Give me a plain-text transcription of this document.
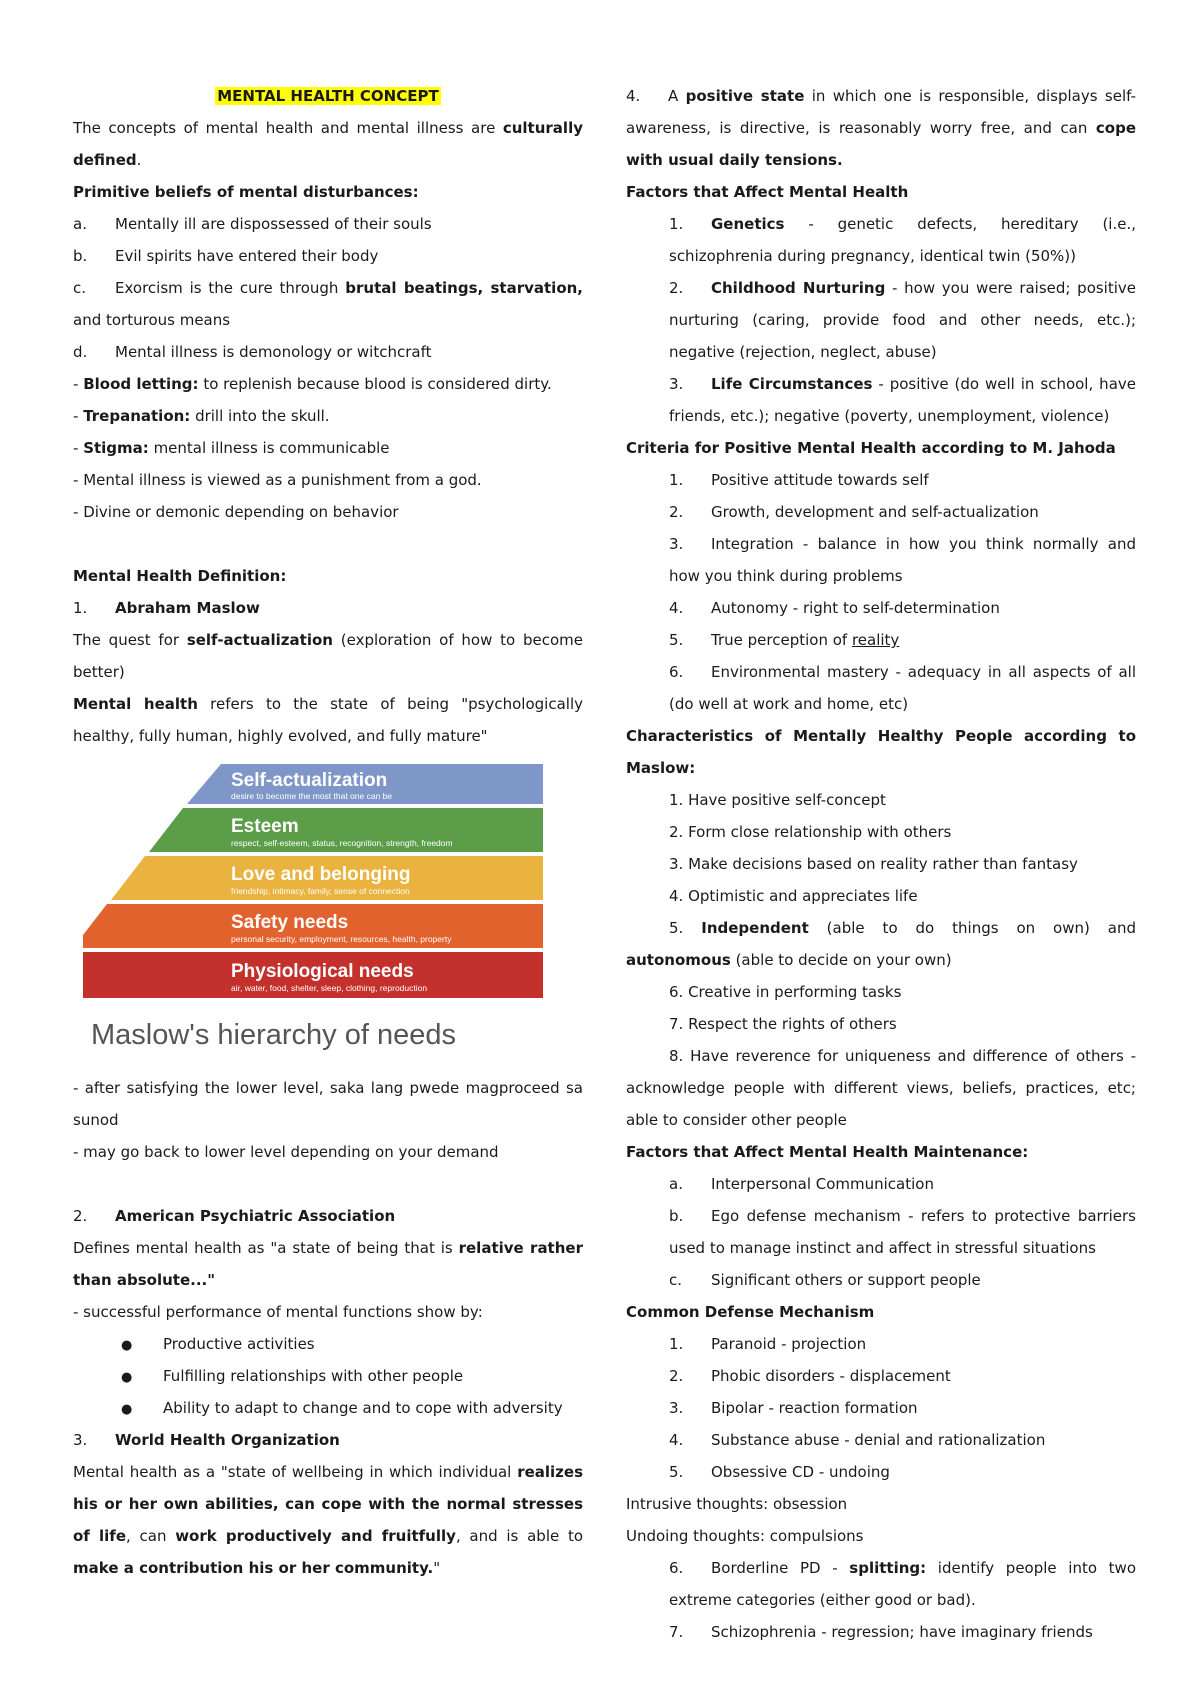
MENTAL HEALTH CONCEPT
The concepts of mental health and mental illness are culturally
defined.
Primitive beliefs of mental disturbances:
a. Mentally ill are dispossessed of their souls
b. Evil spirits have entered their body
c. Exorcism is the cure through brutal beatings, starvation,
and torturous means
d. Mental illness is demonology or witchcraft
- Blood letting: to replenish because blood is considered dirty.
- Trepanation: drill into the skull.
- Stigma: mental illness is communicable
- Mental illness is viewed as a punishment from a god.
- Divine or demonic depending on behavior
Mental Health Definition:
1. Abraham Maslow
The quest for self-actualization (exploration of how to become
better)
Mental health refers to the state of being "psychologically
healthy, fully human, highly evolved, and fully mature"
Self-actualization
desire to become the most that one can be
Esteem
respect, self-esteem, status, recognition, strength, freedom
Love and belonging
friendship, intimacy, family, sense of connection
Safety needs
personal security, employment, resources, health, property
Physiological needs
air, water, food, shelter, sleep, clothing, reproduction
Maslow's hierarchy of needs
- after satisfying the lower level, saka lang pwede magproceed sa
sunod
- may go back to lower level depending on your demand
2. American Psychiatric Association
Defines mental health as "a state of being that is relative rather
than absolute..."
- successful performance of mental functions show by:
●Productive activities
●Fulfilling relationships with other people
●Ability to adapt to change and to cope with adversity
3. World Health Organization
Mental health as a "state of wellbeing in which individual realizes
his or her own abilities, can cope with the normal stresses
of life, can work productively and fruitfully, and is able to
make a contribution his or her community."
4. A positive state in which one is responsible, displays self-
awareness, is directive, is reasonably worry free, and can cope
with usual daily tensions.
Factors that Affect Mental Health
1. Genetics - genetic defects, hereditary (i.e.,
schizophrenia during pregnancy, identical twin (50%))
2. Childhood Nurturing - how you were raised; positive
nurturing (caring, provide food and other needs, etc.);
negative (rejection, neglect, abuse)
3. Life Circumstances - positive (do well in school, have
friends, etc.); negative (poverty, unemployment, violence)
Criteria for Positive Mental Health according to M. Jahoda
1. Positive attitude towards self
2. Growth, development and self-actualization
3. Integration - balance in how you think normally and
how you think during problems
4. Autonomy - right to self-determination
5. True perception of reality
6. Environmental mastery - adequacy in all aspects of all
(do well at work and home, etc)
Characteristics of Mentally Healthy People according to
Maslow:
1. Have positive self-concept
2. Form close relationship with others
3. Make decisions based on reality rather than fantasy
4. Optimistic and appreciates life
5. Independent (able to do things on own) and
autonomous (able to decide on your own)
6. Creative in performing tasks
7. Respect the rights of others
8. Have reverence for uniqueness and difference of others -
acknowledge people with different views, beliefs, practices, etc;
able to consider other people
Factors that Affect Mental Health Maintenance:
a. Interpersonal Communication
b. Ego defense mechanism - refers to protective barriers
used to manage instinct and affect in stressful situations
c. Significant others or support people
Common Defense Mechanism
1. Paranoid - projection
2. Phobic disorders - displacement
3. Bipolar - reaction formation
4. Substance abuse - denial and rationalization
5. Obsessive CD - undoing
Intrusive thoughts: obsession
Undoing thoughts: compulsions
6. Borderline PD - splitting: identify people into two
extreme categories (either good or bad).
7. Schizophrenia - regression; have imaginary friends
